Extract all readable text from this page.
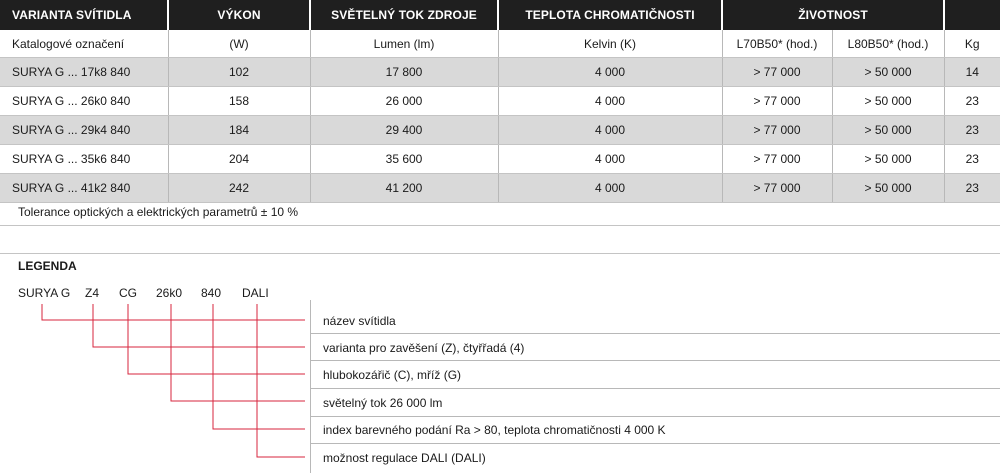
VARIANTA SVÍTIDLA	VÝKON	SVĚTELNÝ TOK ZDROJE	TEPLOTA CHROMATIČNOSTI	ŽIVOTNOST		
Katalogové označení	(W)	Lumen (lm)	Kelvin (K)	L70B50* (hod.)	L80B50* (hod.)	Kg
SURYA G ... 17k8 840	102	17 800	4 000	> 77 000	> 50 000	14
SURYA G ... 26k0 840	158	26 000	4 000	> 77 000	> 50 000	23
SURYA G ... 29k4 840	184	29 400	4 000	> 77 000	> 50 000	23
SURYA G ... 35k6 840	204	35 600	4 000	> 77 000	> 50 000	23
SURYA G ... 41k2 840	242	41 200	4 000	> 77 000	> 50 000	23
Tolerance optických a elektrických parametrů ± 10 %
LEGENDA
SURYA G Z4 CG 26k0 840 DALI
název svítidla
varianta pro zavěšení (Z), čtyřřadá (4)
hlubokozářič (C), mříž (G)
světelný tok 26 000 lm
index barevného podání Ra > 80, teplota chromatičnosti 4 000 K
možnost regulace DALI (DALI)
